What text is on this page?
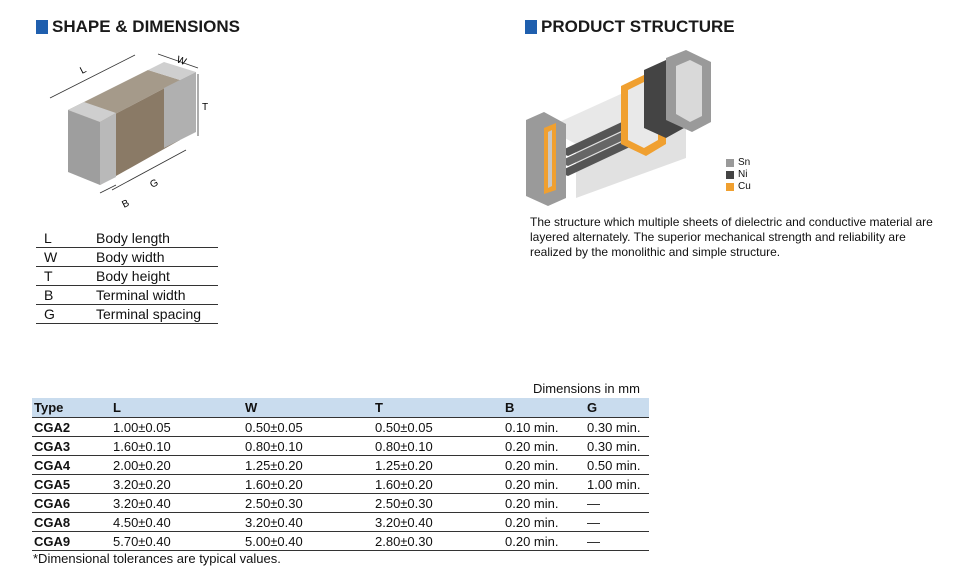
SHAPE & DIMENSIONS	PRODUCT STRUCTURE
L
W
T
G
B
Sn
Ni
Cu
The structure which multiple sheets of dielectric and conductive material are layered alternately. The superior mechanical strength and reliability are realized by the monolithic and simple structure.
L	Body length
W	Body width
T	Body height
B	Terminal width
G	Terminal spacing
Dimensions in mm
Type	L	W	T	B	G
CGA2	1.00±0.05	0.50±0.05	0.50±0.05	0.10 min.	0.30 min.
CGA3	1.60±0.10	0.80±0.10	0.80±0.10	0.20 min.	0.30 min.
CGA4	2.00±0.20	1.25±0.20	1.25±0.20	0.20 min.	0.50 min.
CGA5	3.20±0.20	1.60±0.20	1.60±0.20	0.20 min.	1.00 min.
CGA6	3.20±0.40	2.50±0.30	2.50±0.30	0.20 min.	—
CGA8	4.50±0.40	3.20±0.40	3.20±0.40	0.20 min.	—
CGA9	5.70±0.40	5.00±0.40	2.80±0.30	0.20 min.	—
*Dimensional tolerances are typical values.
